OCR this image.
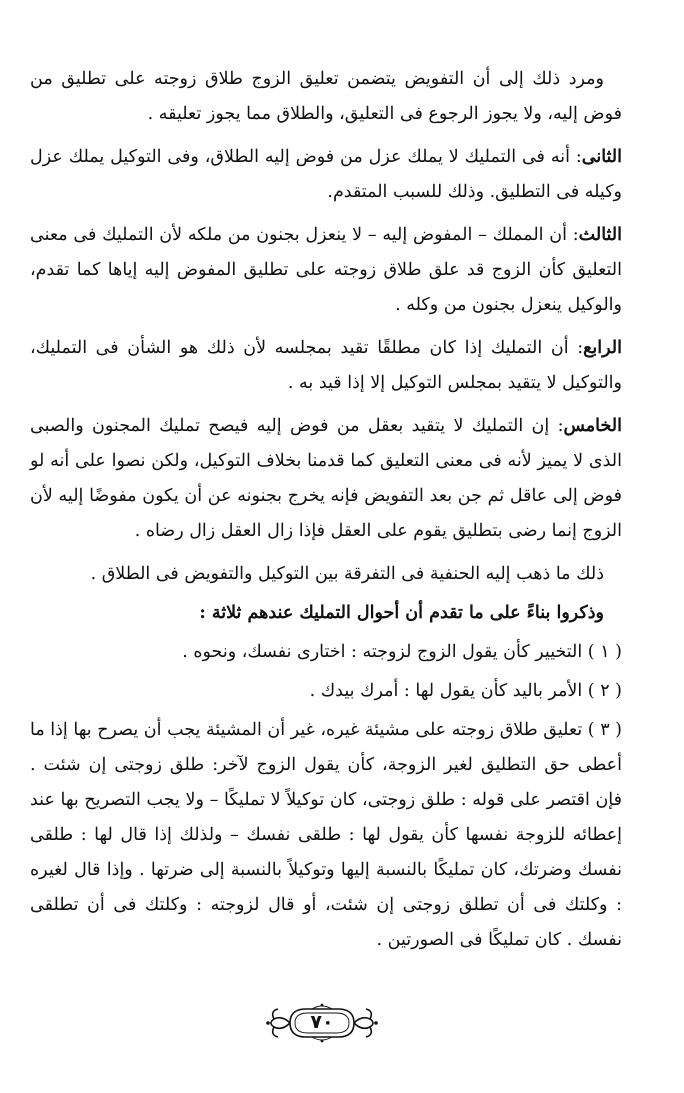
ومرد ذلك إلى أن التفويض يتضمن تعليق الزوج طلاق زوجته على تطليق من فوض إليه، ولا يجوز الرجوع فى التعليق، والطلاق مما يجوز تعليقه .

الثانى: أنه فى التمليك لا يملك عزل من فوض إليه الطلاق، وفى التوكيل يملك عزل وكيله فى التطليق. وذلك للسبب المتقدم.

الثالث: أن المملك – المفوض إليه – لا ينعزل بجنون من ملكه لأن التمليك فى معنى التعليق كأن الزوج قد علق طلاق زوجته على تطليق المفوض إليه إياها كما تقدم، والوكيل ينعزل بجنون من وكله .

الرابع: أن التمليك إذا كان مطلقًا تقيد بمجلسه لأن ذلك هو الشأن فى التمليك، والتوكيل لا يتقيد بمجلس التوكيل إلا إذا قيد به .

الخامس: إن التمليك لا يتقيد بعقل من فوض إليه فيصح تمليك المجنون والصبى الذى لا يميز لأنه فى معنى التعليق كما قدمنا بخلاف التوكيل، ولكن نصوا على أنه لو فوض إلى عاقل ثم جن بعد التفويض فإنه يخرج بجنونه عن أن يكون مفوضًا إليه لأن الزوج إنما رضى بتطليق يقوم على العقل فإذا زال العقل زال رضاه .

ذلك ما ذهب إليه الحنفية فى التفرقة بين التوكيل والتفويض فى الطلاق .

وذكروا بناءً على ما تقدم أن أحوال التمليك عندهم ثلاثة :

( ١ ) التخيير كأن يقول الزوج لزوجته : اختارى نفسك، ونحوه .

( ٢ ) الأمر باليد كأن يقول لها : أمرك بيدك .

( ٣ ) تعليق طلاق زوجته على مشيئة غيره، غير أن المشيئة يجب أن يصرح بها إذا ما أعطى حق التطليق لغير الزوجة، كأن يقول الزوج لآخر: طلق زوجتى إن شئت . فإن اقتصر على قوله : طلق زوجتى، كان توكيلاً لا تمليكًا – ولا يجب التصريح بها عند إعطائه للزوجة نفسها كأن يقول لها : طلقى نفسك – ولذلك إذا قال لها : طلقى نفسك وضرتك، كان تمليكًا بالنسبة إليها وتوكيلاً بالنسبة إلى ضرتها . وإذا قال لغيره : وكلتك فى أن تطلق زوجتى إن شئت، أو قال لزوجته : وكلتك فى أن تطلقى نفسك . كان تمليكًا فى الصورتين .

٧٠
